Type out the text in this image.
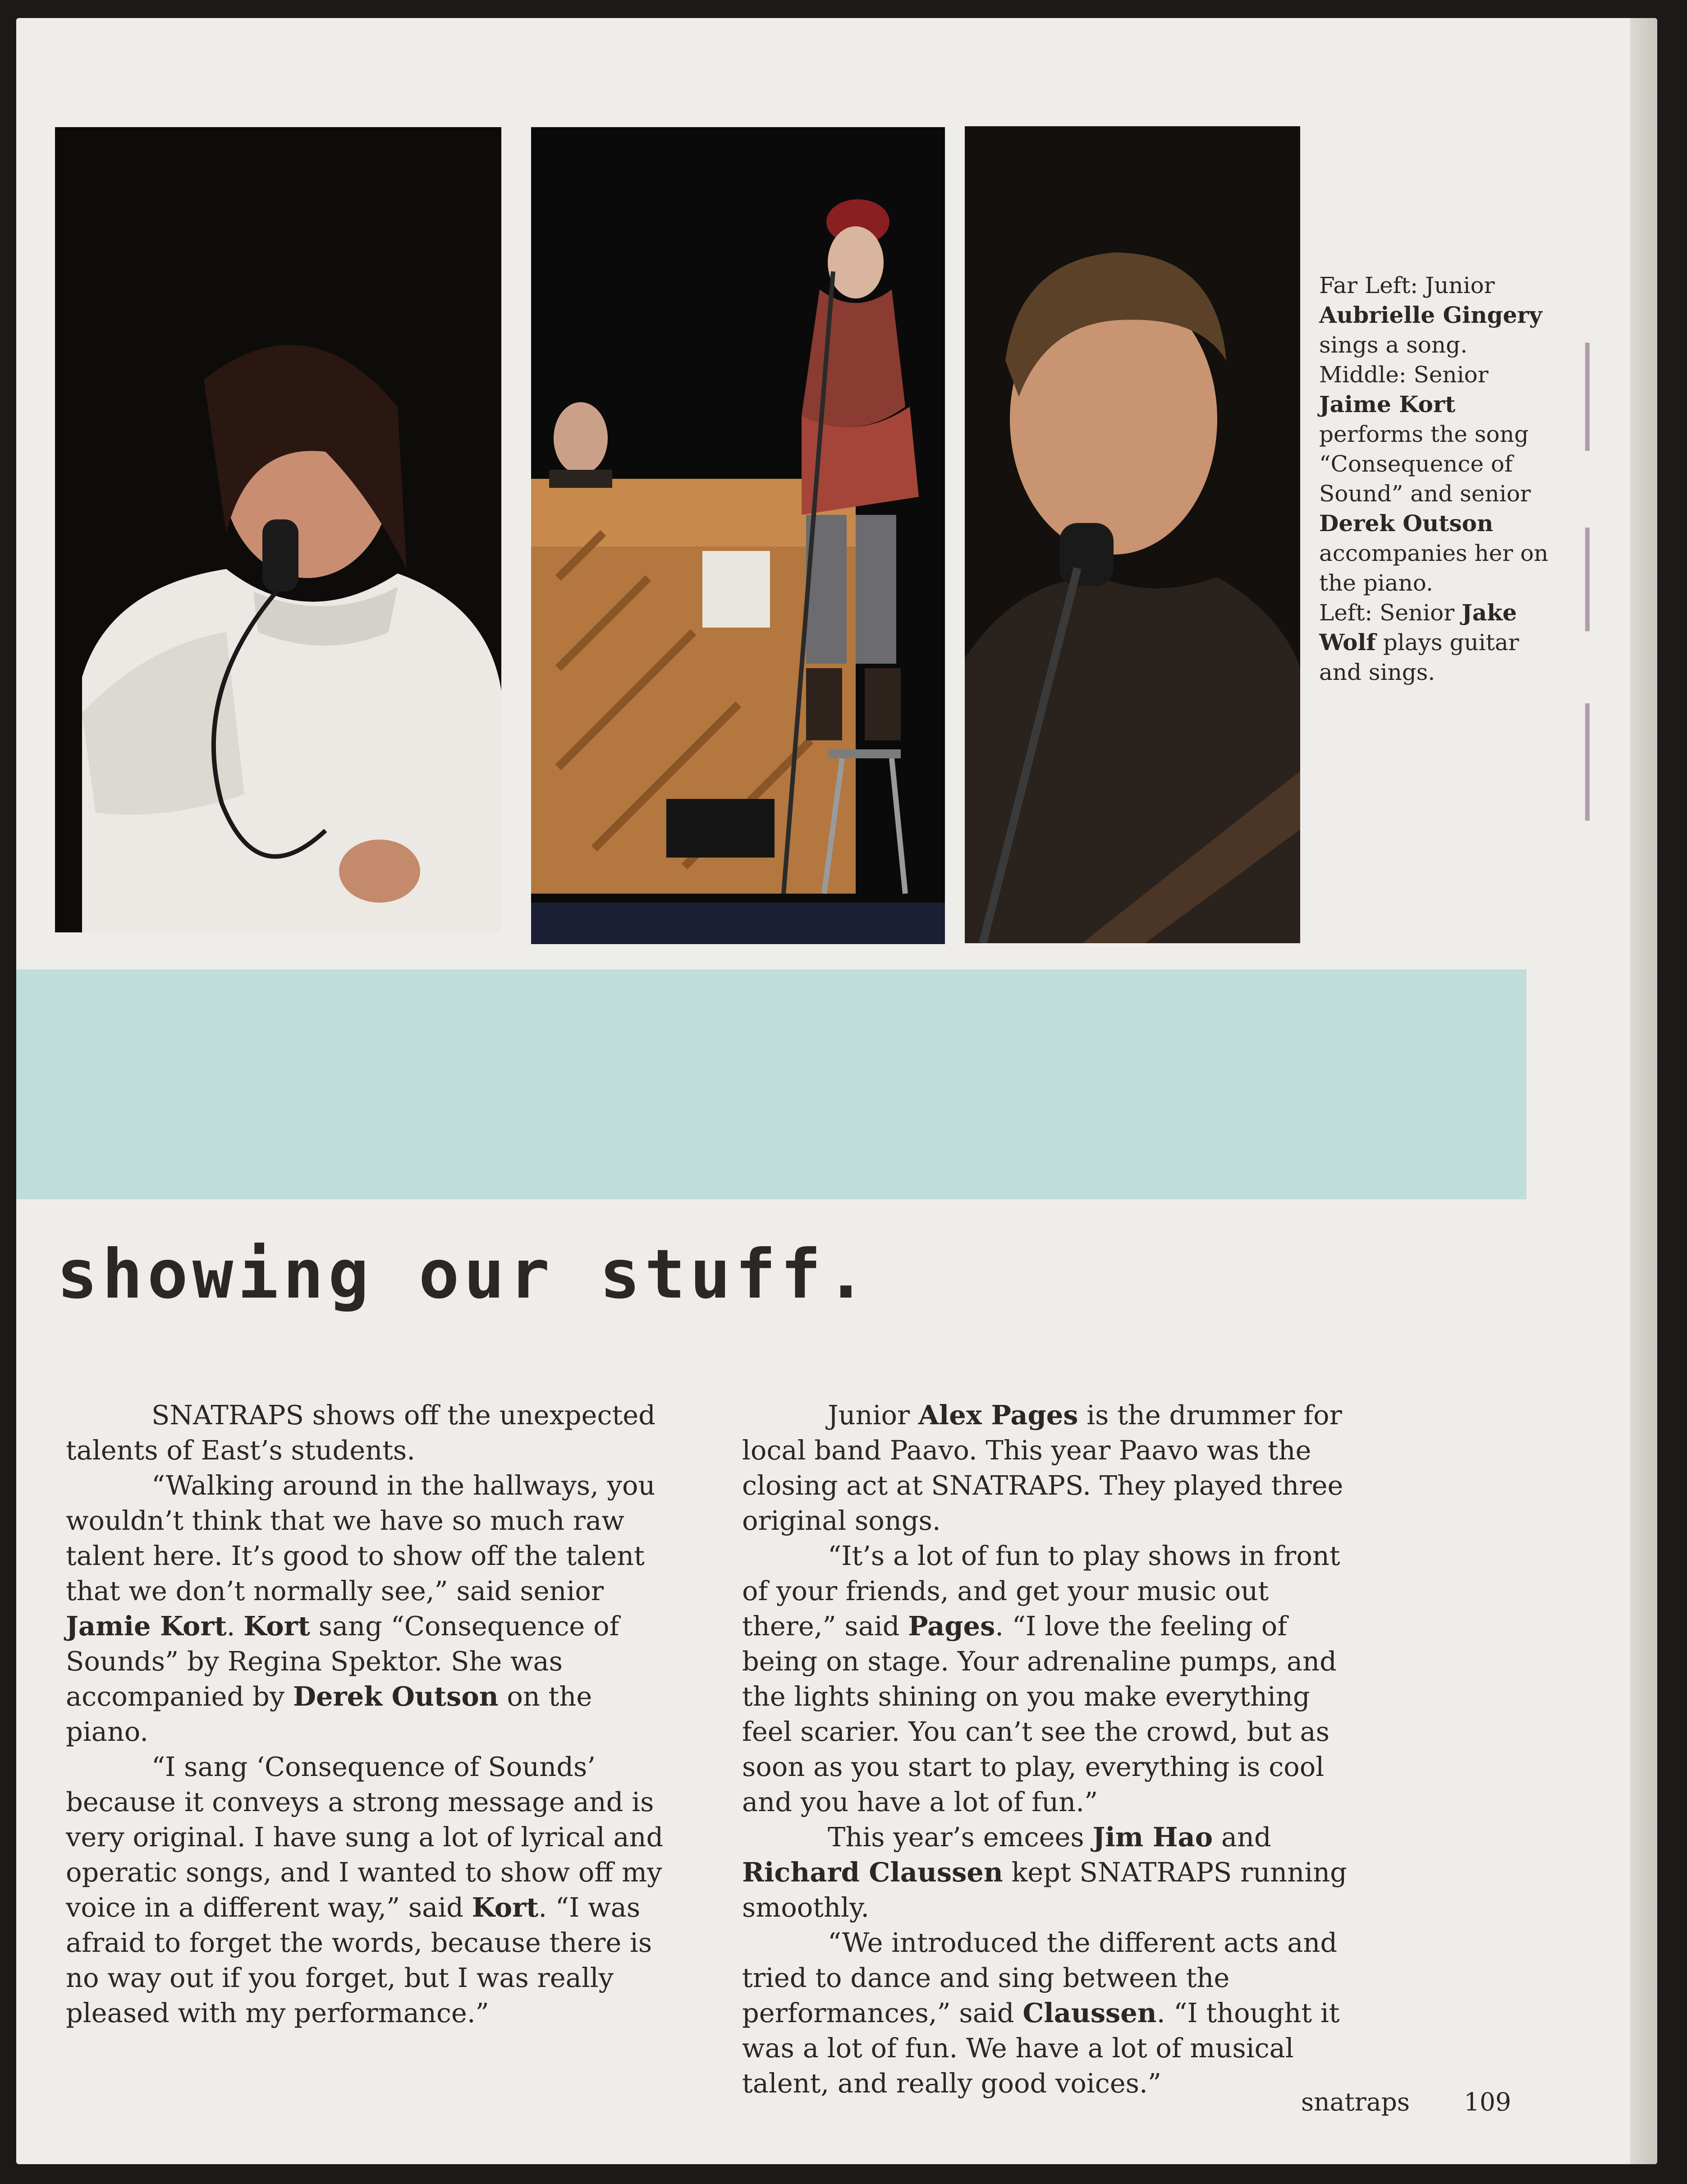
Far Left: Junior Aubrielle Gingery sings a song.
Middle: Senior Jaime Kort performs the song “Consequence of Sound” and senior Derek Outson accompanies her on the piano.
Left: Senior Jake Wolf plays guitar and sings.
showing our stuff.

SNATRAPS shows off the unexpected talents of East’s students.

“Walking around in the hallways, you wouldn’t think that we have so much raw talent here. It’s good to show off the talent that we don’t normally see,” said senior Jamie Kort. Kort sang “Consequence of Sounds” by Regina Spektor. She was accompanied by Derek Outson on the piano.

“I sang ‘Consequence of Sounds’ because it conveys a strong message and is very original. I have sung a lot of lyrical and operatic songs, and I wanted to show off my voice in a different way,” said Kort. “I was afraid to forget the words, because there is no way out if you forget, but I was really pleased with my performance.”

Junior Alex Pages is the drummer for local band Paavo. This year Paavo was the closing act at SNATRAPS. They played three original songs.

“It’s a lot of fun to play shows in front of your friends, and get your music out there,” said Pages. “I love the feeling of being on stage. Your adrenaline pumps, and the lights shining on you make everything feel scarier. You can’t see the crowd, but as soon as you start to play, everything is cool and you have a lot of fun.”

This year’s emcees Jim Hao and Richard Claussen kept SNATRAPS running smoothly.

“We introduced the different acts and tried to dance and sing between the performances,” said Claussen. “I thought it was a lot of fun. We have a lot of musical talent, and really good voices.”

snatraps 109
